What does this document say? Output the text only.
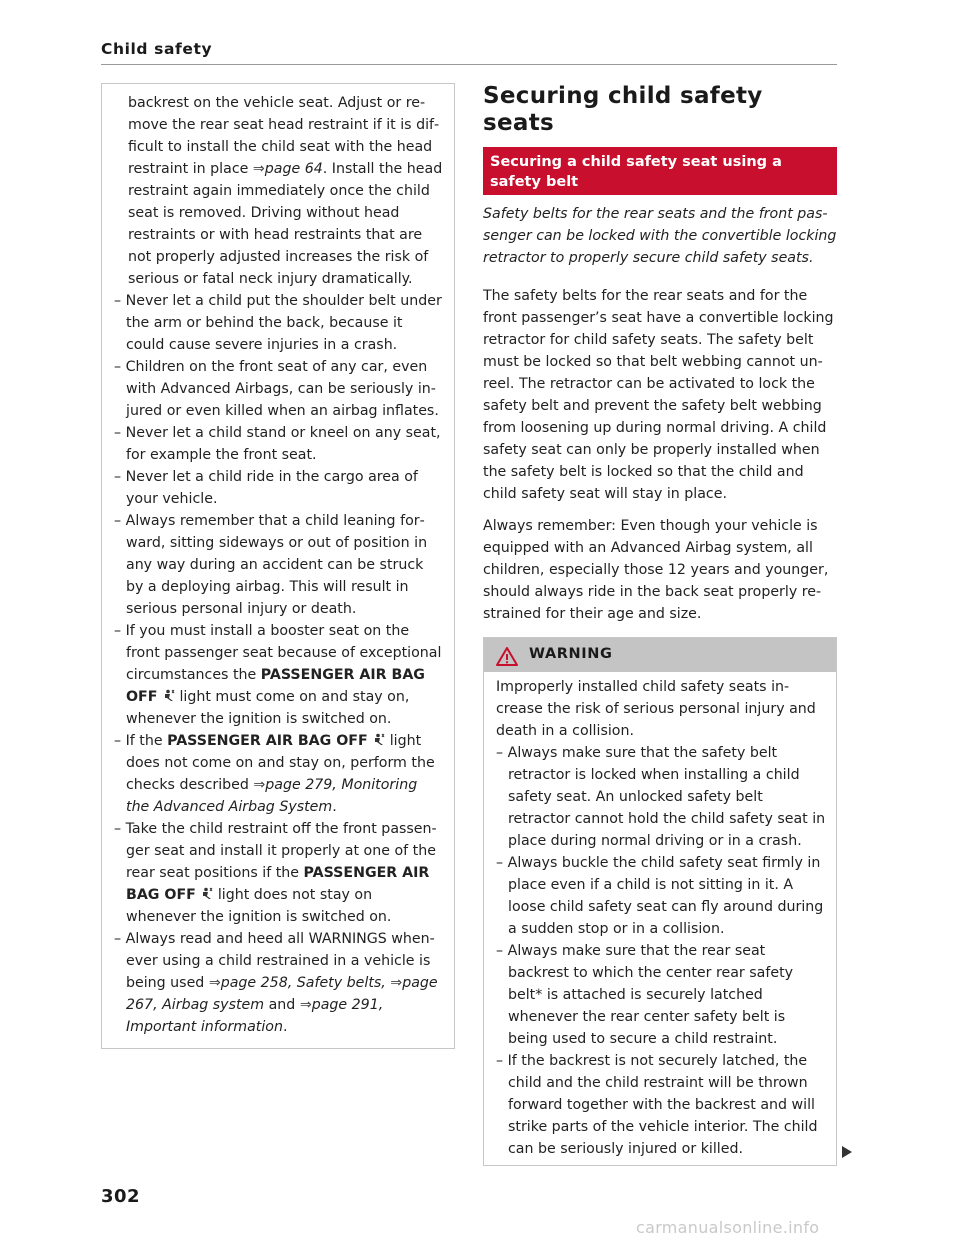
Child safety
backrest on the vehicle seat. Adjust or remove the rear seat head restraint if it is difficult to install the child seat with the head restraint in place ⇒page 64. Install the head restraint again immediately once the child seat is removed. Driving without head restraints or with head restraints that are not properly adjusted increases the risk of serious or fatal neck injury dramatically.
– Never let a child put the shoulder belt under the arm or behind the back, because it could cause severe injuries in a crash.
– Children on the front seat of any car, even with Advanced Airbags, can be seriously injured or even killed when an airbag inflates.
– Never let a child stand or kneel on any seat, for example the front seat.
– Never let a child ride in the cargo area of your vehicle.
– Always remember that a child leaning forward, sitting sideways or out of position in any way during an accident can be struck by a deploying airbag. This will result in serious personal injury or death.
– If you must install a booster seat on the front passenger seat because of exceptional circumstances the PASSENGER AIR BAG OFF  light must come on and stay on, whenever the ignition is switched on.
– If the PASSENGER AIR BAG OFF  light does not come on and stay on, perform the checks described ⇒page 279, Monitoring the Advanced Airbag System.
– Take the child restraint off the front passenger seat and install it properly at one of the rear seat positions if the PASSENGER AIR BAG OFF  light does not stay on whenever the ignition is switched on.
– Always read and heed all WARNINGS whenever using a child restrained in a vehicle is being used ⇒page 258, Safety belts, ⇒page 267, Airbag system and ⇒page 291, Important information.
Securing child safety seats
Securing a child safety seat using a safety belt
Safety belts for the rear seats and the front passenger can be locked with the convertible locking retractor to properly secure child safety seats.
The safety belts for the rear seats and for the front passenger’s seat have a convertible locking retractor for child safety seats. The safety belt must be locked so that belt webbing cannot unreel. The retractor can be activated to lock the safety belt and prevent the safety belt webbing from loosening up during normal driving. A child safety seat can only be properly installed when the safety belt is locked so that the child and child safety seat will stay in place.
Always remember: Even though your vehicle is equipped with an Advanced Airbag system, all children, especially those 12 years and younger, should always ride in the back seat properly restrained for their age and size.
WARNING
Improperly installed child safety seats increase the risk of serious personal injury and death in a collision.
– Always make sure that the safety belt retractor is locked when installing a child safety seat. An unlocked safety belt retractor cannot hold the child safety seat in place during normal driving or in a crash.
– Always buckle the child safety seat firmly in place even if a child is not sitting in it. A loose child safety seat can fly around during a sudden stop or in a collision.
– Always make sure that the rear seat backrest to which the center rear safety belt* is attached is securely latched whenever the rear center safety belt is being used to secure a child restraint.
– If the backrest is not securely latched, the child and the child restraint will be thrown forward together with the backrest and will strike parts of the vehicle interior. The child can be seriously injured or killed.
302
carmanualsonline.info
